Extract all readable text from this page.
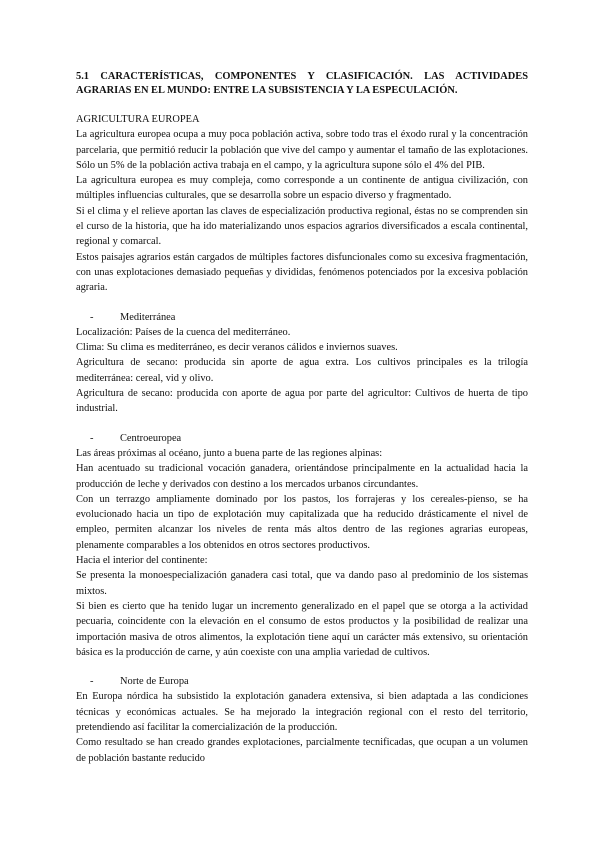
5.1 CARACTERÍSTICAS, COMPONENTES Y CLASIFICACIÓN. LAS ACTIVIDADES AGRARIAS EN EL MUNDO: ENTRE LA SUBSISTENCIA Y LA ESPECULACIÓN.
AGRICULTURA EUROPEA

La agricultura europea ocupa a muy poca población activa, sobre todo tras el éxodo rural y la concentración parcelaria, que permitió reducir la población que vive del campo y aumentar el tamaño de las explotaciones. Sólo un 5% de la población activa trabaja en el campo, y la agricultura supone sólo el 4% del PIB.

La agricultura europea es muy compleja, como corresponde a un continente de antigua civilización, con múltiples influencias culturales, que se desarrolla sobre un espacio diverso y fragmentado.

Si el clima y el relieve aportan las claves de especialización productiva regional, éstas no se comprenden sin el curso de la historia, que ha ido materializando unos espacios agrarios diversificados a escala continental, regional y comarcal.

Estos paisajes agrarios están cargados de múltiples factores disfuncionales como su excesiva fragmentación, con unas explotaciones demasiado pequeñas y divididas, fenómenos potenciados por la excesiva población agraria.

-	Mediterránea

Localización: Países de la cuenca del mediterráneo.

Clima: Su clima es mediterráneo, es decir veranos cálidos e inviernos suaves.

Agricultura de secano: producida sin aporte de agua extra. Los cultivos principales es la trilogía mediterránea: cereal, vid y olivo.

Agricultura de secano: producida con aporte de agua por parte del agricultor: Cultivos de huerta de tipo industrial.

-	Centroeuropea

Las áreas próximas al océano, junto a buena parte de las regiones alpinas:

Han acentuado su tradicional vocación ganadera, orientándose principalmente en la actualidad hacia la producción de leche y derivados con destino a los mercados urbanos circundantes.

Con un terrazgo ampliamente dominado por los pastos, los forrajeras y los cereales-pienso, se ha evolucionado hacia un tipo de explotación muy capitalizada que ha reducido drásticamente el nivel de empleo, permiten alcanzar los niveles de renta más altos dentro de las regiones agrarias europeas, plenamente comparables a los obtenidos en otros sectores productivos.

Hacia el interior del continente:

Se presenta la monoespecialización ganadera casi total, que va dando paso al predominio de los sistemas mixtos.

Si bien es cierto que ha tenido lugar un incremento generalizado en el papel que se otorga a la actividad pecuaria, coincidente con la elevación en el consumo de estos productos y la posibilidad de realizar una importación masiva de otros alimentos, la explotación tiene aquí un carácter más extensivo, su orientación básica es la producción de carne, y aún coexiste con una amplia variedad de cultivos.

-	Norte de Europa

En Europa nórdica ha subsistido la explotación ganadera extensiva, si bien adaptada a las condiciones técnicas y económicas actuales. Se ha mejorado la integración regional con el resto del territorio, pretendiendo así facilitar la comercialización de la producción.

Como resultado se han creado grandes explotaciones, parcialmente tecnificadas, que ocupan a un volumen de población bastante reducido
